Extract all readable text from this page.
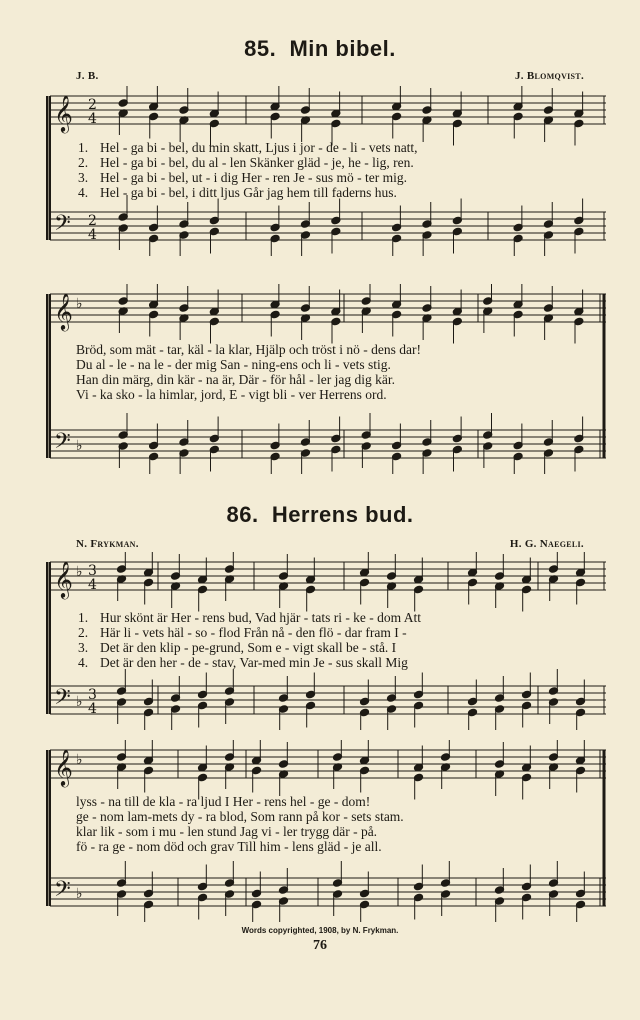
85. Min bibel.
J. B.	J. Blomqvist.
𝄞
𝄢
2
4
2
4
1. Hel - ga bi - bel, du min skatt, Ljus i jor - de - li - vets natt,
2. Hel - ga bi - bel, du al - len Skänker gläd - je, he - lig, ren.
3. Hel - ga bi - bel, ut - i dig Her - ren Je - sus mö - ter mig.
4. Hel - ga bi - bel, i ditt ljus Går jag hem till faderns hus.
𝄞
𝄢
♭
♭
Bröd, som mät - tar, käl - la klar, Hjälp och tröst i nö - dens dar!
Du al - le - na le - der mig San - ning-ens och li - vets stig.
Han din märg, din kär - na är, Där - för hål - ler jag dig kär.
Vi - ka sko - la himlar, jord, E - vigt bli - ver Herrens ord.
86. Herrens bud.
N. Frykman.	H. G. Naegeli.
𝄞
𝄢
♭
♭
3
4
3
4
1. Hur skönt är Her - rens bud, Vad hjär - tats ri - ke - dom Att
2. Här li - vets häl - so - flod Från nå - den flö - dar fram I -
3. Det är den klip - pe-grund, Som e - vigt skall be - stå. I
4. Det är den her - de - stav, Var-med min Je - sus skall Mig
𝄞
𝄢
♭
♭
lyss - na till de kla - ra ljud I Her - rens hel - ge - dom!
ge - nom lam-mets dy - ra blod, Som rann på kor - sets stam.
klar lik - som i mu - len stund Jag vi - ler trygg där - på.
fö - ra ge - nom död och grav Till him - lens gläd - je all.
Words copyrighted, 1908, by N. Frykman.
76
